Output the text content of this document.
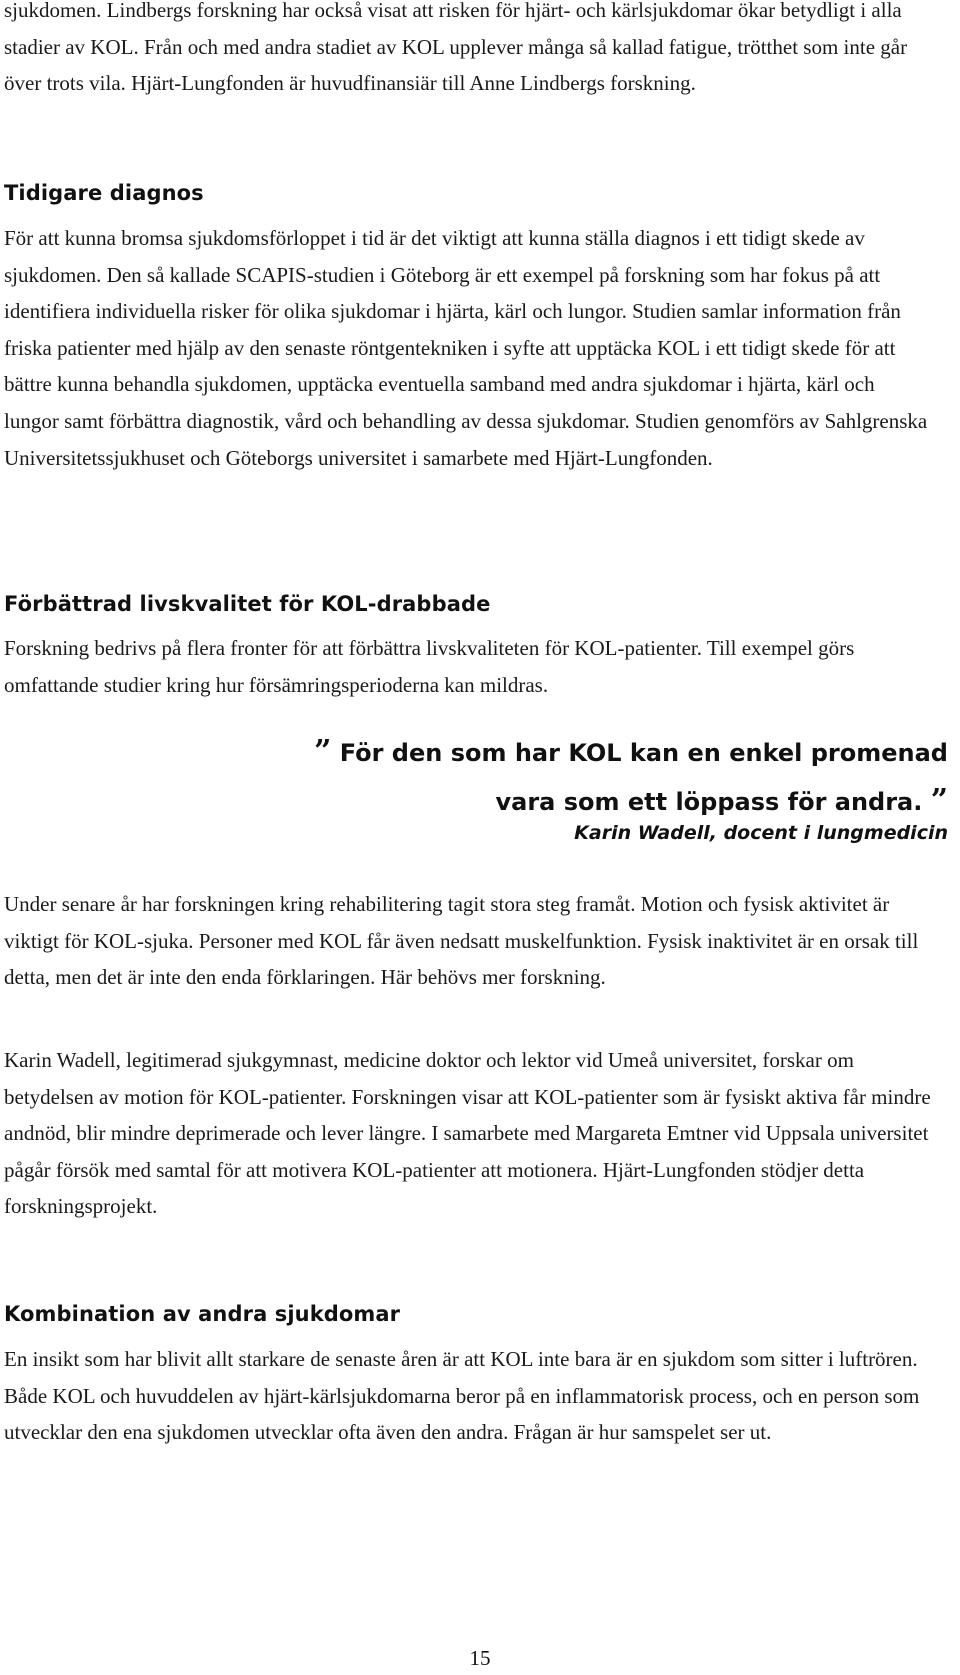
sjukdomen. Lindbergs forskning har också visat att risken för hjärt- och kärlsjukdomar ökar betydligt i alla stadier av KOL. Från och med andra stadiet av KOL upplever många så kallad fatigue, trötthet som inte går över trots vila. Hjärt-Lungfonden är huvudfinansiär till Anne Lindbergs forskning.

Tidigare diagnos

För att kunna bromsa sjukdomsförloppet i tid är det viktigt att kunna ställa diagnos i ett tidigt skede av sjukdomen. Den så kallade SCAPIS-studien i Göteborg är ett exempel på forskning som har fokus på att identifiera individuella risker för olika sjukdomar i hjärta, kärl och lungor. Studien samlar information från friska patienter med hjälp av den senaste röntgentekniken i syfte att upptäcka KOL i ett tidigt skede för att bättre kunna behandla sjukdomen, upptäcka eventuella samband med andra sjukdomar i hjärta, kärl och lungor samt förbättra diagnostik, vård och behandling av dessa sjukdomar. Studien genomförs av Sahlgrenska Universitetssjukhuset och Göteborgs universitet i samarbete med Hjärt-Lungfonden.

Förbättrad livskvalitet för KOL-drabbade

Forskning bedrivs på flera fronter för att förbättra livskvaliteten för KOL-patienter. Till exempel görs omfattande studier kring hur försämringsperioderna kan mildras.

” För den som har KOL kan en enkel promenad
vara som ett löppass för andra. ”

Karin Wadell, docent i lungmedicin

Under senare år har forskningen kring rehabilitering tagit stora steg framåt. Motion och fysisk aktivitet är viktigt för KOL-sjuka. Personer med KOL får även nedsatt muskelfunktion. Fysisk inaktivitet är en orsak till detta, men det är inte den enda förklaringen. Här behövs mer forskning.

Karin Wadell, legitimerad sjukgymnast, medicine doktor och lektor vid Umeå universitet, forskar om betydelsen av motion för KOL-patienter. Forskningen visar att KOL-patienter som är fysiskt aktiva får mindre andnöd, blir mindre deprimerade och lever längre. I samarbete med Margareta Emtner vid Uppsala universitet pågår försök med samtal för att motivera KOL-patienter att motionera. Hjärt-Lungfonden stödjer detta forskningsprojekt.

Kombination av andra sjukdomar

En insikt som har blivit allt starkare de senaste åren är att KOL inte bara är en sjukdom som sitter i luftrören. Både KOL och huvuddelen av hjärt-kärlsjukdomarna beror på en inflammatorisk process, och en person som utvecklar den ena sjukdomen utvecklar ofta även den andra. Frågan är hur samspelet ser ut.

15
